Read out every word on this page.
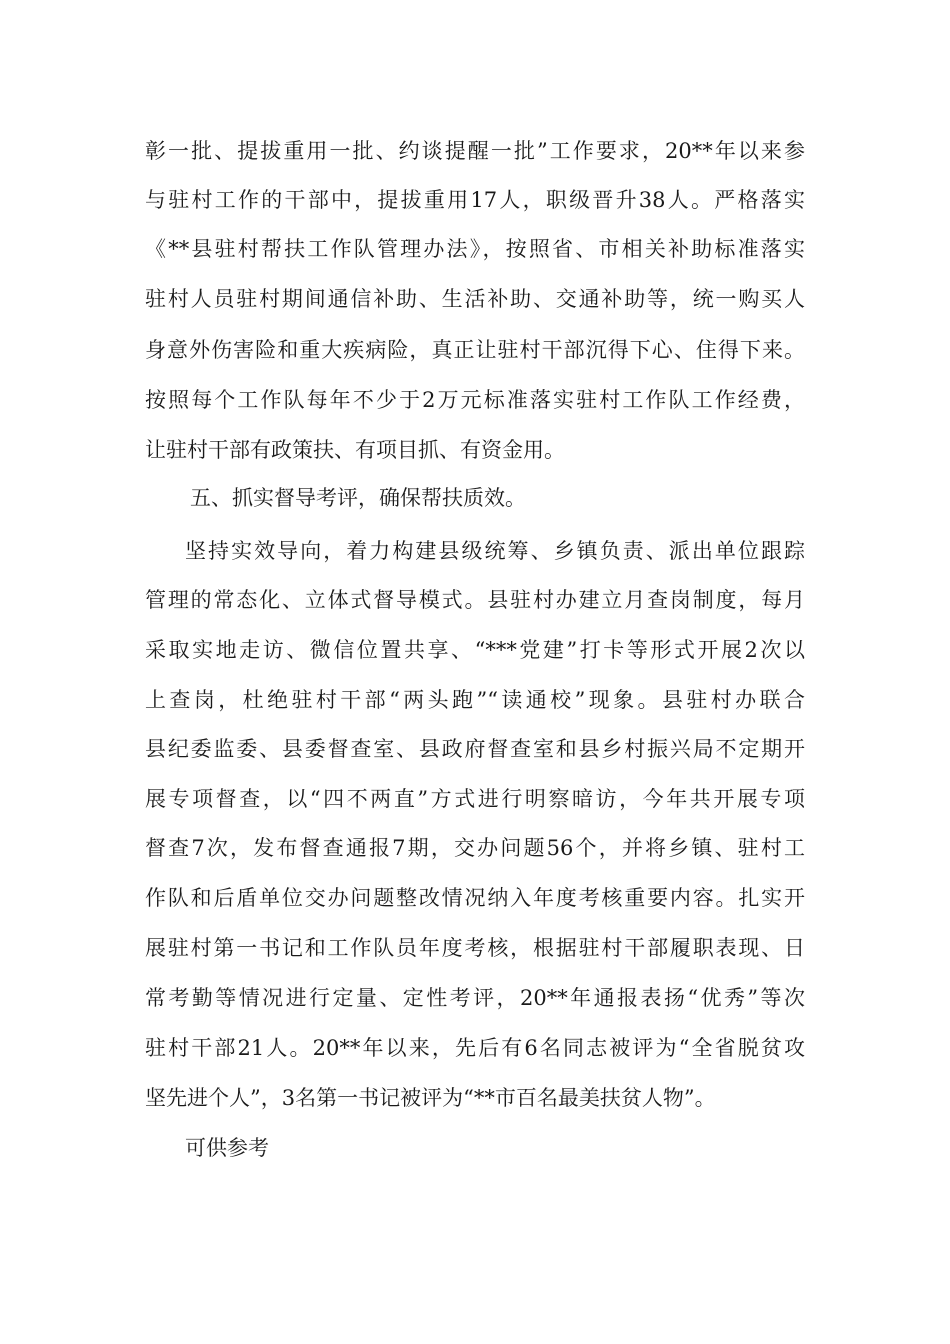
彰一批、提拔重用一批、约谈提醒一批”工作要求，20**年以来参
与驻村工作的干部中，提拔重用17人，职级晋升38人。严格落实
《**县驻村帮扶工作队管理办法》，按照省、市相关补助标准落实
驻村人员驻村期间通信补助、生活补助、交通补助等，统一购买人
身意外伤害险和重大疾病险，真正让驻村干部沉得下心、住得下来。
按照每个工作队每年不少于2万元标准落实驻村工作队工作经费，
让驻村干部有政策扶、有项目抓、有资金用。
五、抓实督导考评，确保帮扶质效。
坚持实效导向，着力构建县级统筹、乡镇负责、派出单位跟踪
管理的常态化、立体式督导模式。县驻村办建立月查岗制度，每月
采取实地走访、微信位置共享、“***党建”打卡等形式开展2次以
上查岗，杜绝驻村干部“两头跑”“读通校”现象。县驻村办联合
县纪委监委、县委督查室、县政府督查室和县乡村振兴局不定期开
展专项督查，以“四不两直”方式进行明察暗访，今年共开展专项
督查7次，发布督查通报7期，交办问题56个，并将乡镇、驻村工
作队和后盾单位交办问题整改情况纳入年度考核重要内容。扎实开
展驻村第一书记和工作队员年度考核，根据驻村干部履职表现、日
常考勤等情况进行定量、定性考评，20**年通报表扬“优秀”等次
驻村干部21人。20**年以来，先后有6名同志被评为“全省脱贫攻
坚先进个人”，3名第一书记被评为“**市百名最美扶贫人物”。
可供参考
